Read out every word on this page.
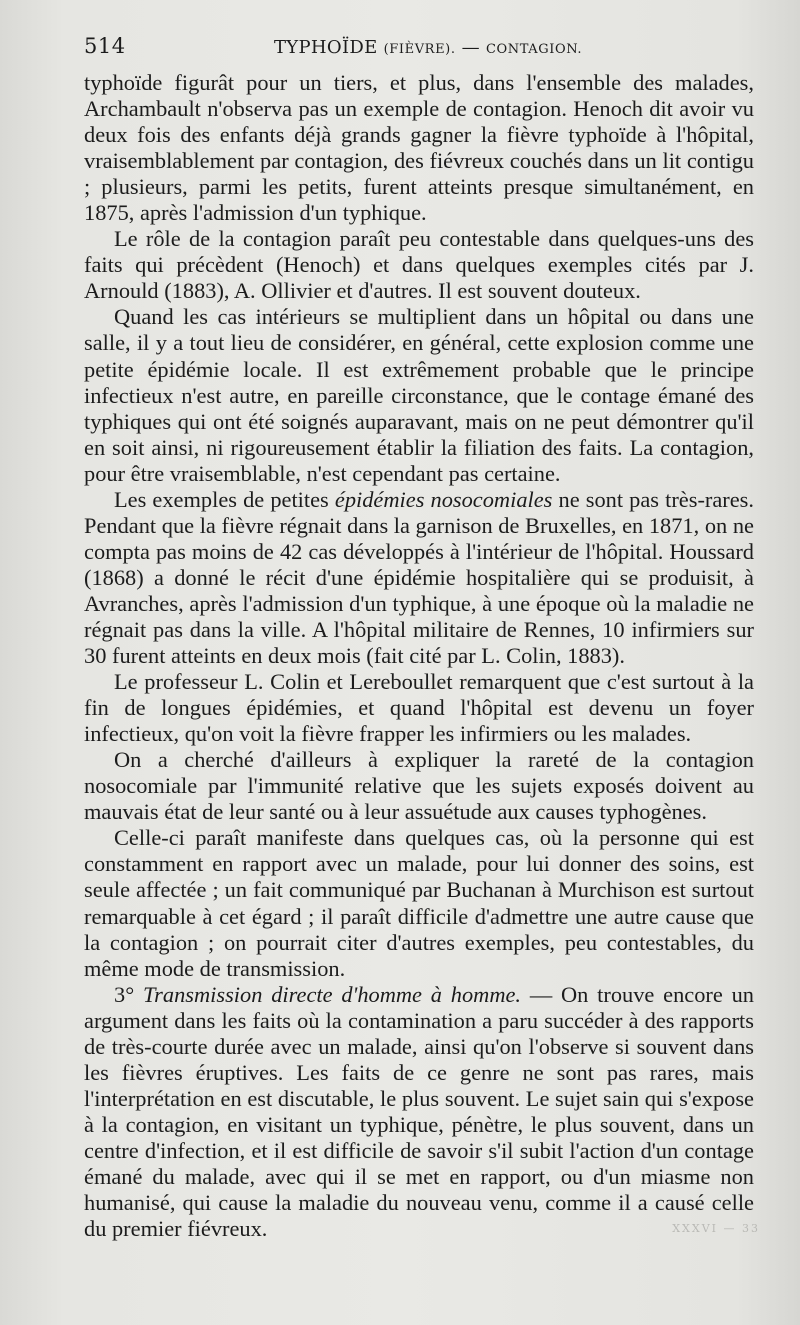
514	TYPHOÏDE (FIÈVRE). — CONTAGION.

typhoïde figurât pour un tiers, et plus, dans l'ensemble des malades, Archambault n'observa pas un exemple de contagion. Henoch dit avoir vu deux fois des enfants déjà grands gagner la fièvre typhoïde à l'hôpital, vraisemblablement par contagion, des fiévreux couchés dans un lit contigu ; plusieurs, parmi les petits, furent atteints presque simultanément, en 1875, après l'admission d'un typhique.

Le rôle de la contagion paraît peu contestable dans quelques-uns des faits qui précèdent (Henoch) et dans quelques exemples cités par J. Arnould (1883), A. Ollivier et d'autres. Il est souvent douteux.

Quand les cas intérieurs se multiplient dans un hôpital ou dans une salle, il y a tout lieu de considérer, en général, cette explosion comme une petite épidémie locale. Il est extrêmement probable que le principe infectieux n'est autre, en pareille circonstance, que le contage émané des typhiques qui ont été soignés auparavant, mais on ne peut démontrer qu'il en soit ainsi, ni rigoureusement établir la filiation des faits. La contagion, pour être vraisemblable, n'est cependant pas certaine.

Les exemples de petites épidémies nosocomiales ne sont pas très-rares. Pendant que la fièvre régnait dans la garnison de Bruxelles, en 1871, on ne compta pas moins de 42 cas développés à l'intérieur de l'hôpital. Houssard (1868) a donné le récit d'une épidémie hospitalière qui se produisit, à Avranches, après l'admission d'un typhique, à une époque où la maladie ne régnait pas dans la ville. A l'hôpital militaire de Rennes, 10 infirmiers sur 30 furent atteints en deux mois (fait cité par L. Colin, 1883).

Le professeur L. Colin et Lereboullet remarquent que c'est surtout à la fin de longues épidémies, et quand l'hôpital est devenu un foyer infectieux, qu'on voit la fièvre frapper les infirmiers ou les malades.

On a cherché d'ailleurs à expliquer la rareté de la contagion nosocomiale par l'immunité relative que les sujets exposés doivent au mauvais état de leur santé ou à leur assuétude aux causes typhogènes.

Celle-ci paraît manifeste dans quelques cas, où la personne qui est constamment en rapport avec un malade, pour lui donner des soins, est seule affectée ; un fait communiqué par Buchanan à Murchison est surtout remarquable à cet égard ; il paraît difficile d'admettre une autre cause que la contagion ; on pourrait citer d'autres exemples, peu contestables, du même mode de transmission.

3° Transmission directe d'homme à homme. — On trouve encore un argument dans les faits où la contamination a paru succéder à des rapports de très-courte durée avec un malade, ainsi qu'on l'observe si souvent dans les fièvres éruptives. Les faits de ce genre ne sont pas rares, mais l'interprétation en est discutable, le plus souvent. Le sujet sain qui s'expose à la contagion, en visitant un typhique, pénètre, le plus souvent, dans un centre d'infection, et il est difficile de savoir s'il subit l'action d'un contage émané du malade, avec qui il se met en rapport, ou d'un miasme non humanisé, qui cause la maladie du nouveau venu, comme il a causé celle du premier fiévreux.	XXXVI — 33
